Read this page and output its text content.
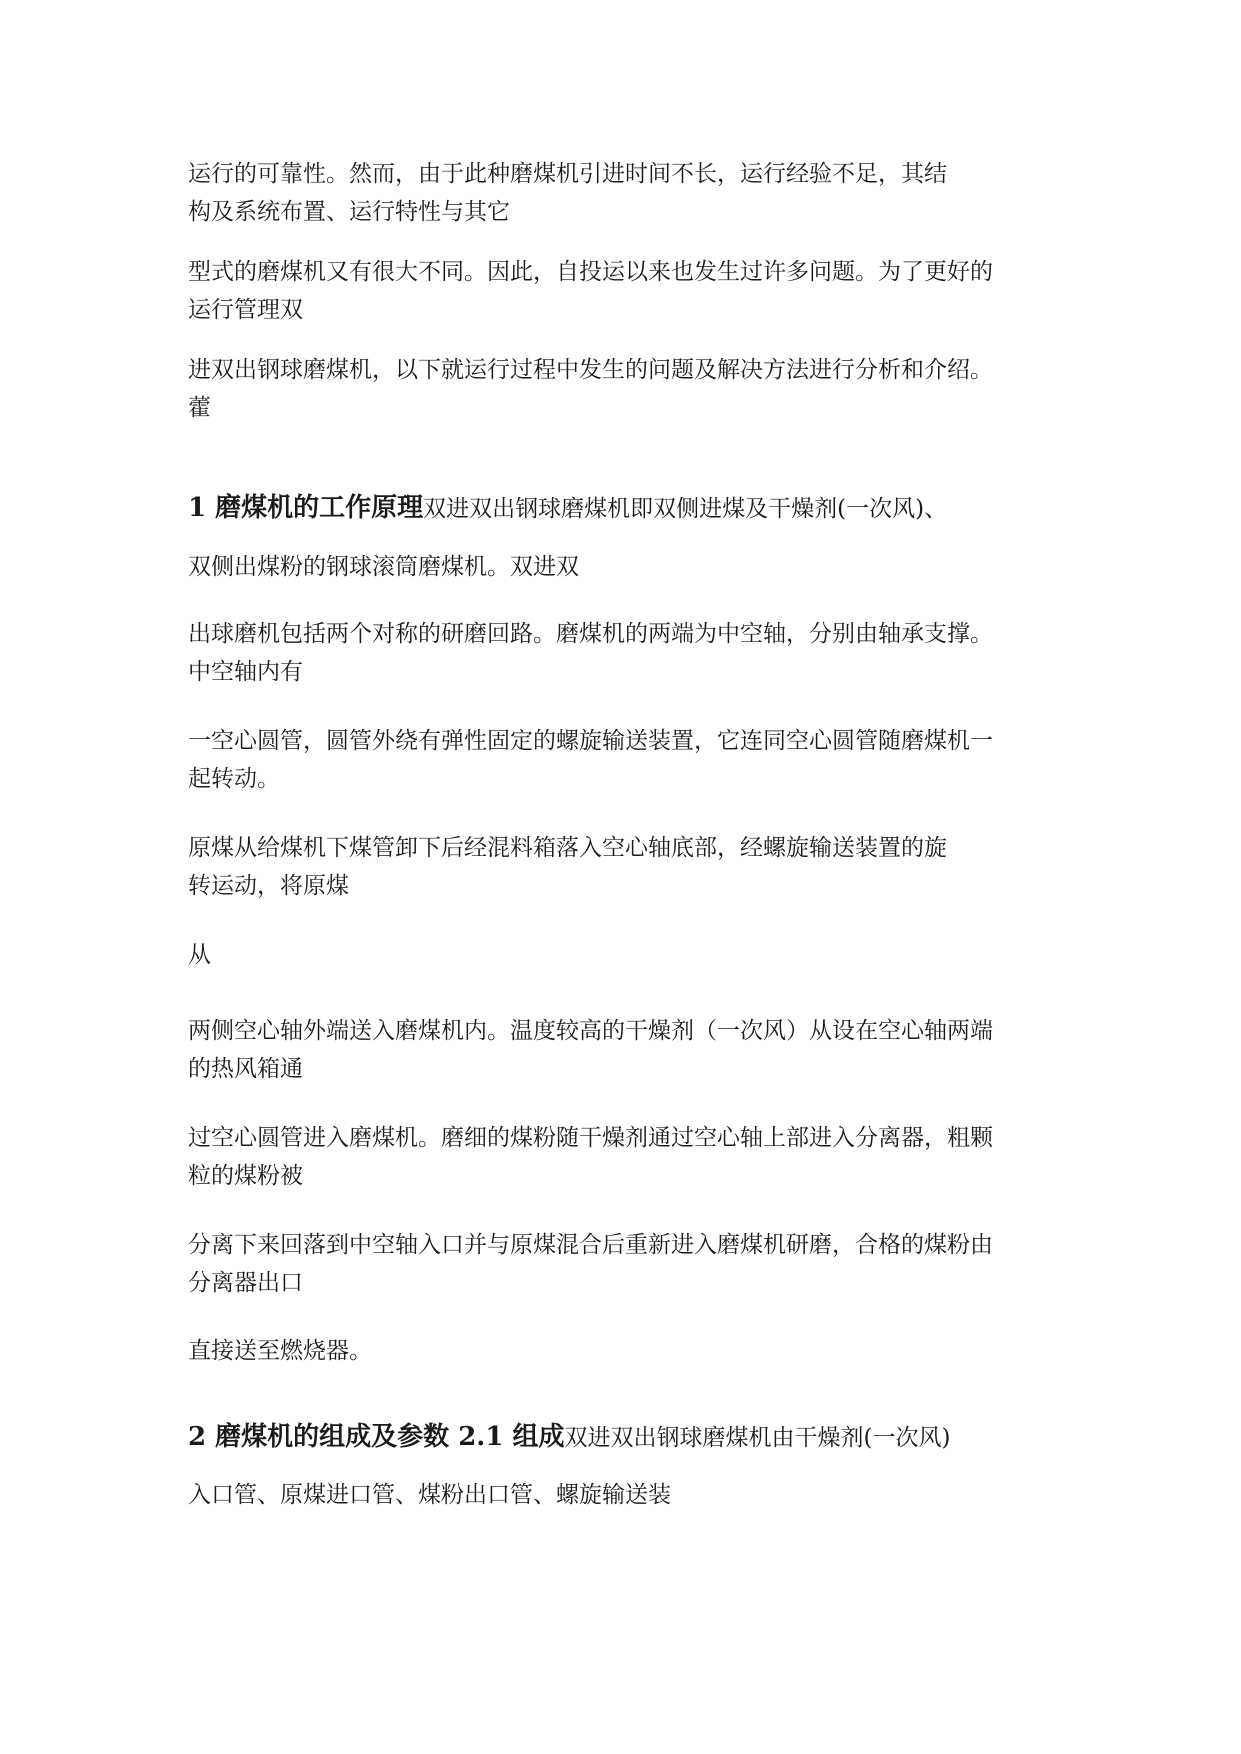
运行的可靠性。然而，由于此种磨煤机引进时间不长，运行经验不足，其结
构及系统布置、运行特性与其它
型式的磨煤机又有很大不同。因此，自投运以来也发生过许多问题。为了更好的
运行管理双
进双出钢球磨煤机，以下就运行过程中发生的问题及解决方法进行分析和介绍。
藿
1 磨煤机的工作原理双进双出钢球磨煤机即双侧进煤及干燥剂(一次风)、
双侧出煤粉的钢球滚筒磨煤机。双进双
出球磨机包括两个对称的研磨回路。磨煤机的两端为中空轴，分别由轴承支撑。
中空轴内有
一空心圆管，圆管外绕有弹性固定的螺旋输送装置，它连同空心圆管随磨煤机一
起转动。
原煤从给煤机下煤管卸下后经混料箱落入空心轴底部，经螺旋输送装置的旋
转运动，将原煤
从
两侧空心轴外端送入磨煤机内。温度较高的干燥剂（一次风）从设在空心轴两端
的热风箱通
过空心圆管进入磨煤机。磨细的煤粉随干燥剂通过空心轴上部进入分离器，粗颗
粒的煤粉被
分离下来回落到中空轴入口并与原煤混合后重新进入磨煤机研磨，合格的煤粉由
分离器出口
直接送至燃烧器。
2 磨煤机的组成及参数 2.1 组成双进双出钢球磨煤机由干燥剂(一次风)
入口管、原煤进口管、煤粉出口管、螺旋输送装
